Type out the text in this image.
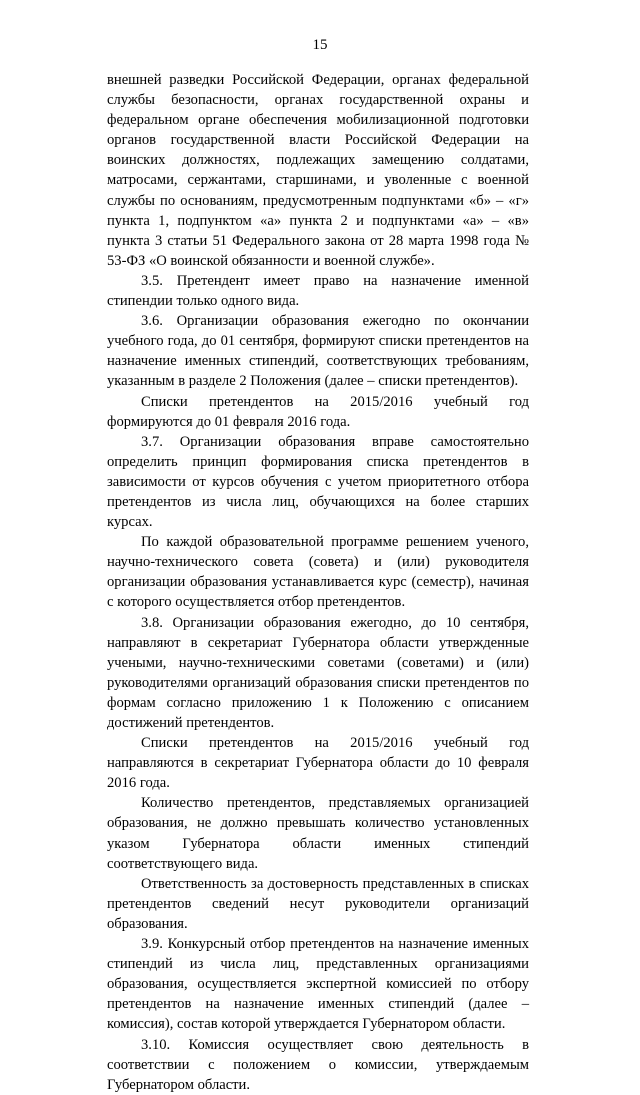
15

внешней разведки Российской Федерации, органах федеральной службы безопасности, органах государственной охраны и федеральном органе обеспечения мобилизационной подготовки органов государственной власти Российской Федерации на воинских должностях, подлежащих замещению солдатами, матросами, сержантами, старшинами, и уволенные с военной службы по основаниям, предусмотренным подпунктами «б» – «г» пункта 1, подпунктом «а» пункта 2 и подпунктами «а» – «в» пункта 3 статьи 51 Федерального закона от 28 марта 1998 года № 53-ФЗ «О воинской обязанности и военной службе».

3.5. Претендент имеет право на назначение именной стипендии только одного вида.

3.6. Организации образования ежегодно по окончании учебного года, до 01 сентября, формируют списки претендентов на назначение именных стипендий, соответствующих требованиям, указанным в разделе 2 Положения (далее – списки претендентов).

Списки претендентов на 2015/2016 учебный год формируются до 01 февраля 2016 года.

3.7. Организации образования вправе самостоятельно определить принцип формирования списка претендентов в зависимости от курсов обучения с учетом приоритетного отбора претендентов из числа лиц, обучающихся на более старших курсах.

По каждой образовательной программе решением ученого, научно-технического совета (совета) и (или) руководителя организации образования устанавливается курс (семестр), начиная с которого осуществляется отбор претендентов.

3.8. Организации образования ежегодно, до 10 сентября, направляют в секретариат Губернатора области утвержденные учеными, научно-техническими советами (советами) и (или) руководителями организаций образования списки претендентов по формам согласно приложению 1 к Положению с описанием достижений претендентов.

Списки претендентов на 2015/2016 учебный год направляются в секретариат Губернатора области до 10 февраля 2016 года.

Количество претендентов, представляемых организацией образования, не должно превышать количество установленных указом Губернатора области именных стипендий соответствующего вида.

Ответственность за достоверность представленных в списках претендентов сведений несут руководители организаций образования.

3.9. Конкурсный отбор претендентов на назначение именных стипендий из числа лиц, представленных организациями образования, осуществляется экспертной комиссией по отбору претендентов на назначение именных стипендий (далее – комиссия), состав которой утверждается Губернатором области.

3.10. Комиссия осуществляет свою деятельность в соответствии с положением о комиссии, утверждаемым Губернатором области.
